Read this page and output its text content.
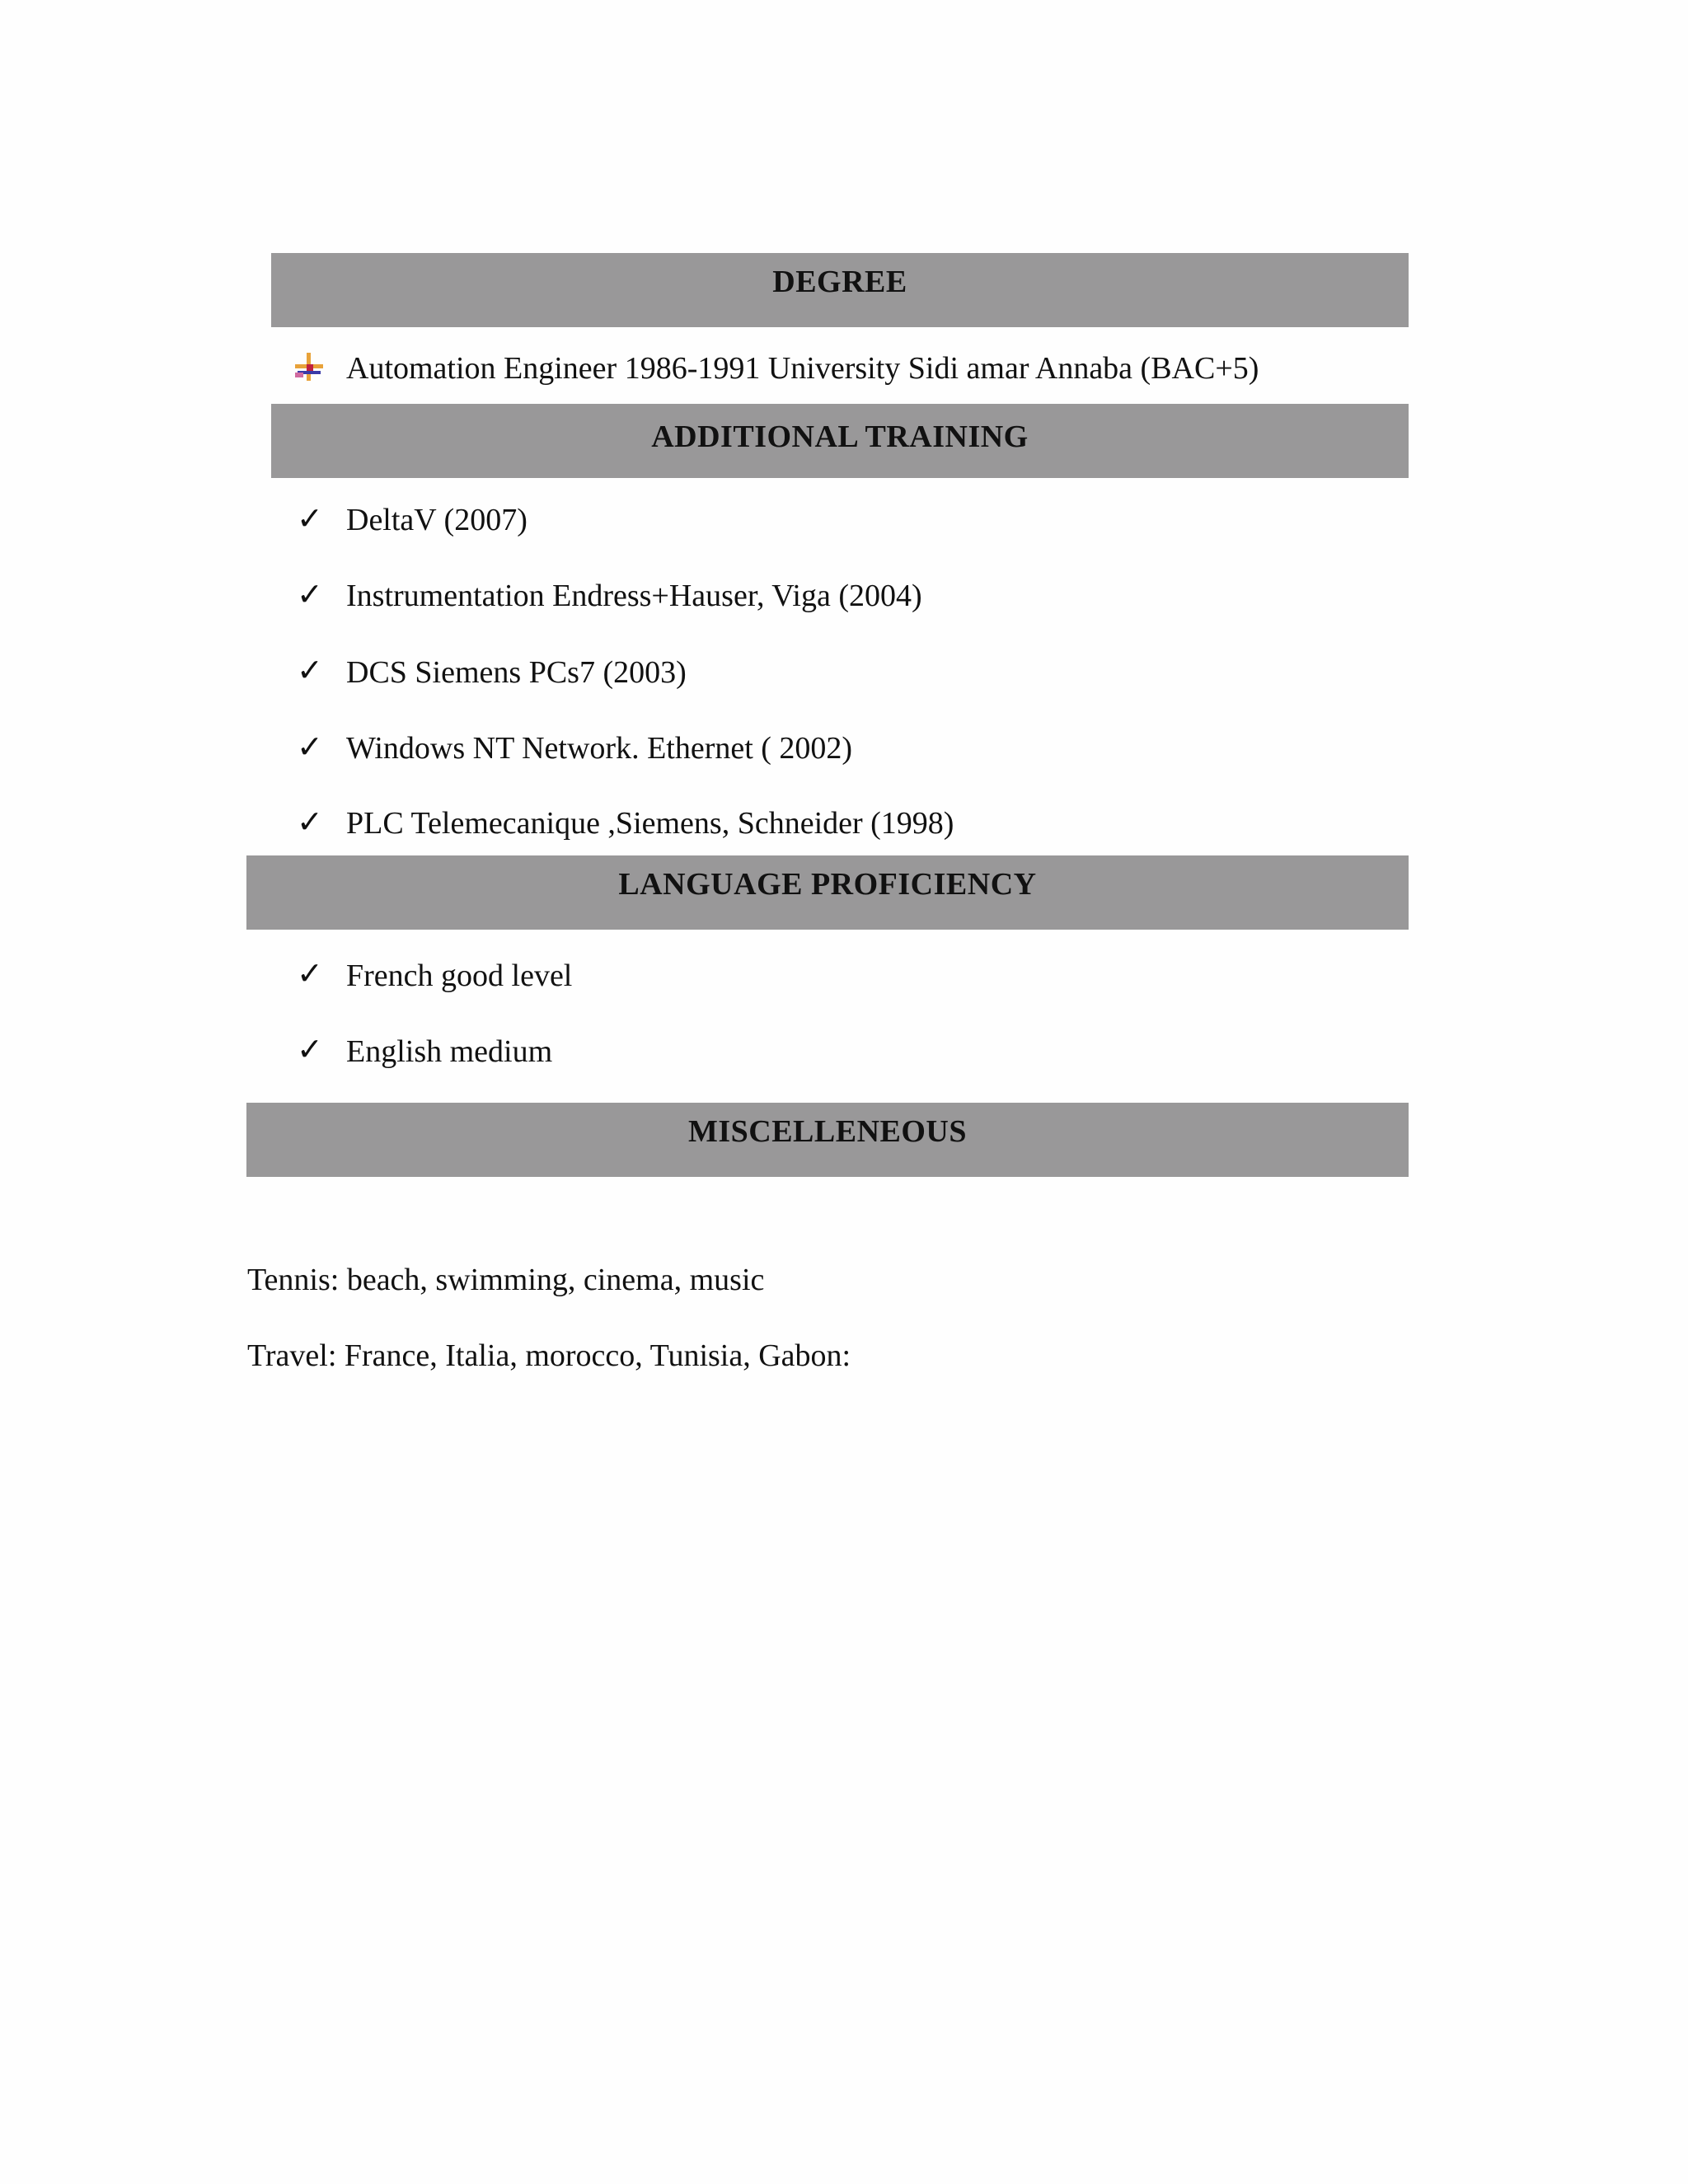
DEGREE
Automation Engineer 1986-1991 University Sidi amar Annaba (BAC+5)
ADDITIONAL TRAINING
✓ DeltaV (2007)
✓ Instrumentation Endress+Hauser, Viga (2004)
✓ DCS Siemens PCs7 (2003)
✓ Windows NT Network. Ethernet ( 2002)
✓ PLC Telemecanique ,Siemens, Schneider (1998)
LANGUAGE PROFICIENCY
✓ French good level
✓ English medium
MISCELLENEOUS
Tennis: beach, swimming, cinema, music
Travel: France, Italia, morocco, Tunisia, Gabon:
